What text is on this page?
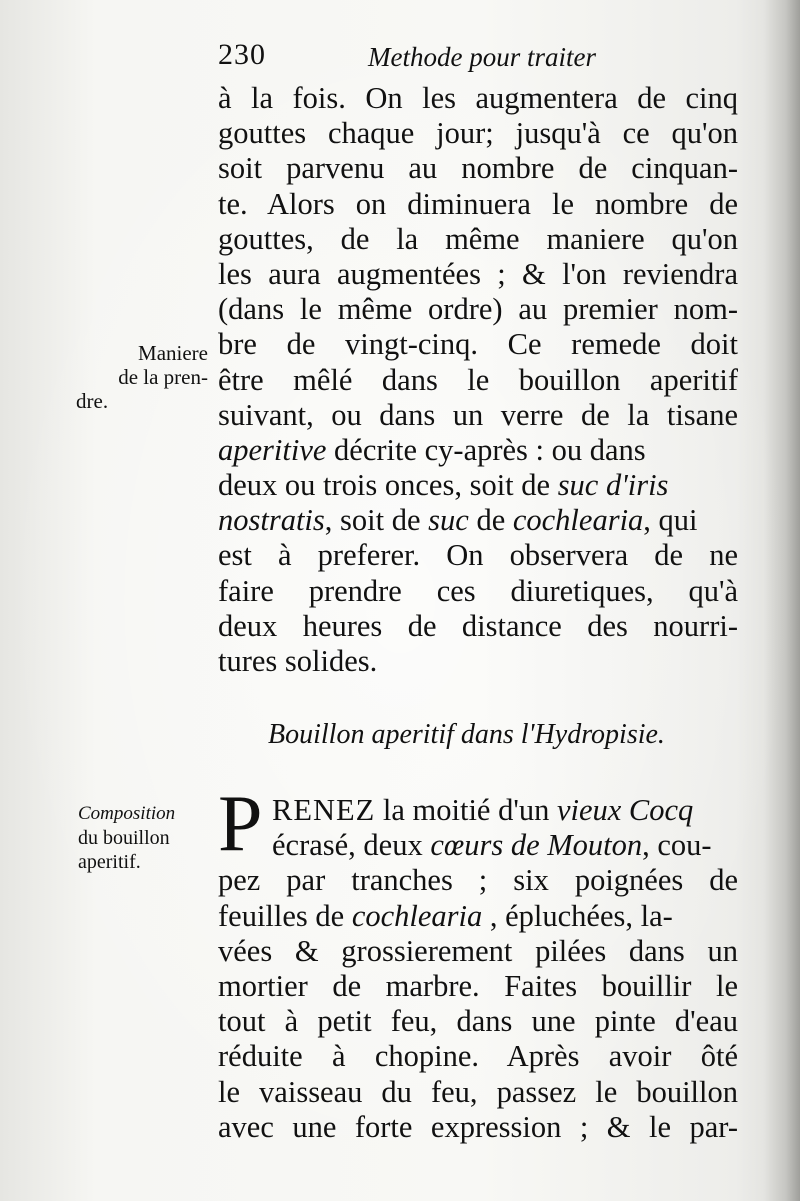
230	Methode pour traiter
à la fois. On les augmentera de cinq
gouttes chaque jour; jusqu'à ce qu'on
soit parvenu au nombre de cinquan-
te. Alors on diminuera le nombre de
gouttes, de la même maniere qu'on
les aura augmentées ; & l'on reviendra
(dans le même ordre) au premier nom-
bre de vingt-cinq. Ce remede doit
être mêlé dans le bouillon aperitif
suivant, ou dans un verre de la tisane
aperitive décrite cy-après : ou dans
deux ou trois onces, soit de suc d'iris
nostratis, soit de suc de cochlearia, qui
est à preferer. On observera de ne
faire prendre ces diuretiques, qu'à
deux heures de distance des nourri-
tures solides.
Bouillon aperitif dans l'Hydropisie.
P RENEZ la moitié d'un vieux Cocq
écrasé, deux cœurs de Mouton, cou-
pez par tranches ; six poignées de
feuilles de cochlearia , épluchées, la-
vées & grossierement pilées dans un
mortier de marbre. Faites bouillir le
tout à petit feu, dans une pinte d'eau
réduite à chopine. Après avoir ôté
le vaisseau du feu, passez le bouillon
avec une forte expression ; & le par-
Maniere
de la pren-
dre.
Composition
du bouillon
aperitif.
